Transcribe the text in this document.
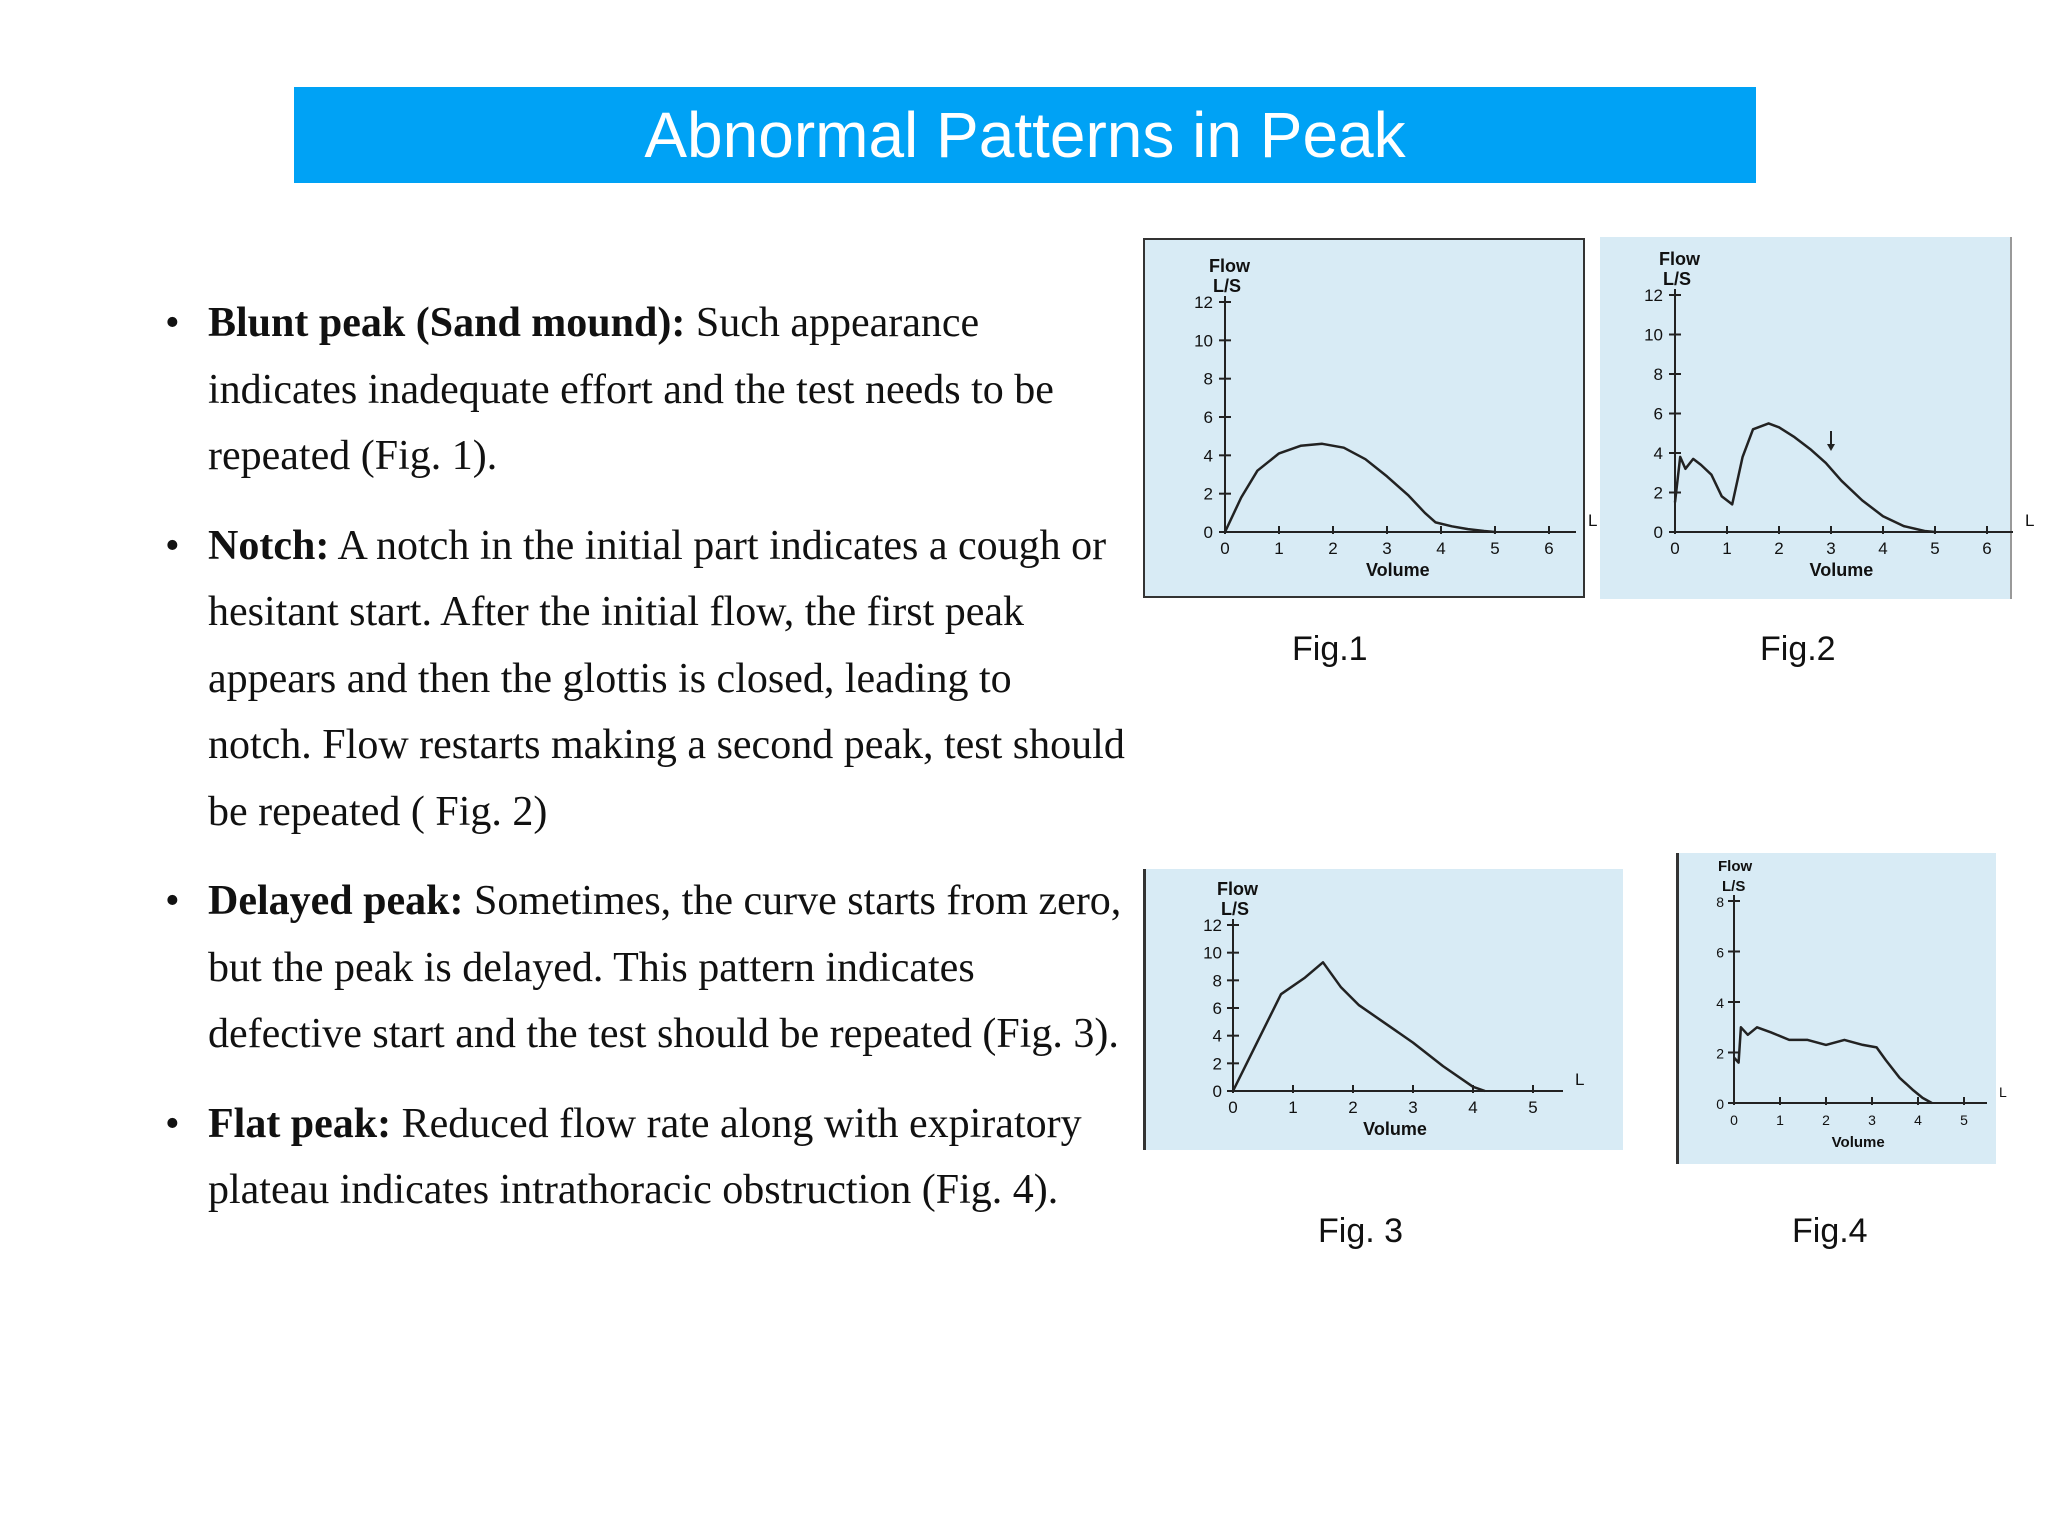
Abnormal Patterns in Peak
• Blunt peak (Sand mound): Such appearance indicates inadequate effort and the test needs to be repeated (Fig. 1).
• Notch: A notch in the initial part indicates a cough or hesitant start. After the initial flow, the first peak appears and then the glottis is closed, leading to notch. Flow restarts making a second peak, test should be repeated ( Fig. 2)
• Delayed peak: Sometimes, the curve starts from zero, but the peak is delayed. This pattern indicates defective start and the test should be repeated (Fig. 3).
• Flat peak: Reduced flow rate along with expiratory plateau indicates intrathoracic obstruction (Fig. 4).
0
2
4
6
8
10
12
0	1	2	3	4	5	6
L
Volume
Flow
L/S
0
2
4
6
8
10
12
0	1	2	3	4	5	6
L
Volume
Flow
L/S
0
2
4
6
8
10
12
0	1	2	3	4	5
L
Volume
Flow
L/S
0
2
4
6
8
0	1	2	3	4	5
L
Volume
Flow
L/S
Fig.1	Fig.2
Fig. 3	Fig.4
